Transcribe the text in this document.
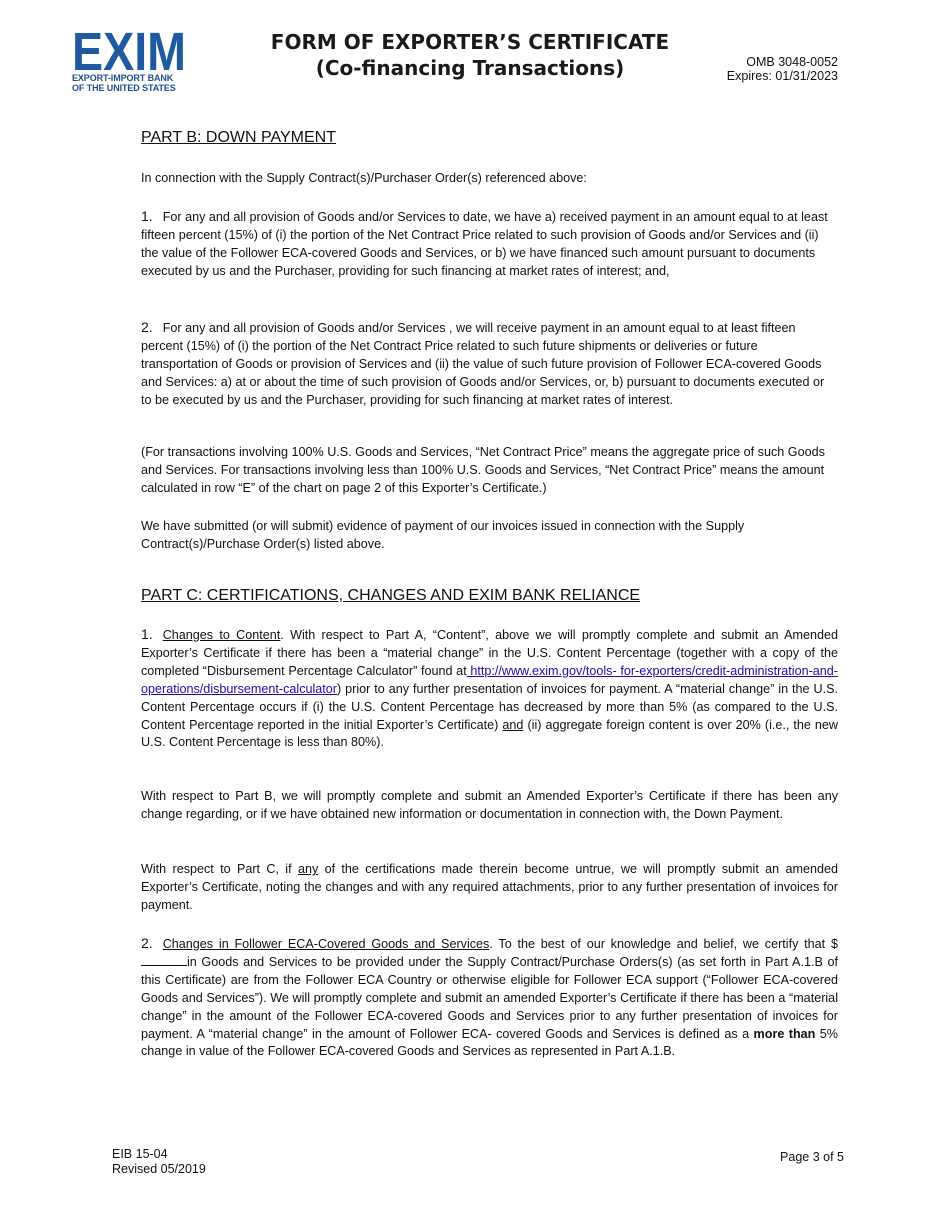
EXIM
EXPORT-IMPORT BANK
OF THE UNITED STATES
FORM OF EXPORTER’S CERTIFICATE
(Co-financing Transactions)	OMB 3048-0052
Expires: 01/31/2023
PART B: DOWN PAYMENT
In connection with the Supply Contract(s)/Purchaser Order(s) referenced above:
1. For any and all provision of Goods and/or Services to date, we have a) received payment in an amount equal to at least fifteen percent (15%) of (i) the portion of the Net Contract Price related to such provision of Goods and/or Services and (ii) the value of the Follower ECA-covered Goods and Services, or b) we have financed such amount pursuant to documents executed by us and the Purchaser, providing for such financing at market rates of interest; and,
2. For any and all provision of Goods and/or Services , we will receive payment in an amount equal to at least fifteen percent (15%) of (i) the portion of the Net Contract Price related to such future shipments or deliveries or future transportation of Goods or provision of Services and (ii) the value of such future provision of Follower ECA-covered Goods and Services: a) at or about the time of such provision of Goods and/or Services, or, b) pursuant to documents executed or to be executed by us and the Purchaser, providing for such financing at market rates of interest.
(For transactions involving 100% U.S. Goods and Services, “Net Contract Price” means the aggregate price of such Goods and Services. For transactions involving less than 100% U.S. Goods and Services, “Net Contract Price” means the amount calculated in row “E” of the chart on page 2 of this Exporter’s Certificate.)
We have submitted (or will submit) evidence of payment of our invoices issued in connection with the Supply Contract(s)/Purchase Order(s) listed above.
PART C: CERTIFICATIONS, CHANGES AND EXIM BANK RELIANCE
1. Changes to Content. With respect to Part A, “Content”, above we will promptly complete and submit an Amended Exporter’s Certificate if there has been a “material change” in the U.S. Content Percentage (together with a copy of the completed “Disbursement Percentage Calculator” found at http://www.exim.gov/tools- for-exporters/credit-administration-and-operations/disbursement-calculator) prior to any further presentation of invoices for payment. A “material change” in the U.S. Content Percentage occurs if (i) the U.S. Content Percentage has decreased by more than 5% (as compared to the U.S. Content Percentage reported in the initial Exporter’s Certificate) and (ii) aggregate foreign content is over 20% (i.e., the new U.S. Content Percentage is less than 80%).
With respect to Part B, we will promptly complete and submit an Amended Exporter’s Certificate if there has been any change regarding, or if we have obtained new information or documentation in connection with, the Down Payment.
With respect to Part C, if any of the certifications made therein become untrue, we will promptly submit an amended Exporter’s Certificate, noting the changes and with any required attachments, prior to any further presentation of invoices for payment.
2. Changes in Follower ECA-Covered Goods and Services. To the best of our knowledge and belief, we certify that $in Goods and Services to be provided under the Supply Contract/Purchase Orders(s) (as set forth in Part A.1.B of this Certificate) are from the Follower ECA Country or otherwise eligible for Follower ECA support (“Follower ECA-covered Goods and Services”). We will promptly complete and submit an amended Exporter’s Certificate if there has been a “material change” in the amount of the Follower ECA-covered Goods and Services prior to any further presentation of invoices for payment. A “material change” in the amount of Follower ECA- covered Goods and Services is defined as a more than 5% change in value of the Follower ECA-covered Goods and Services as represented in Part A.1.B.
EIB 15-04
Revised 05/2019
Page 3 of 5
